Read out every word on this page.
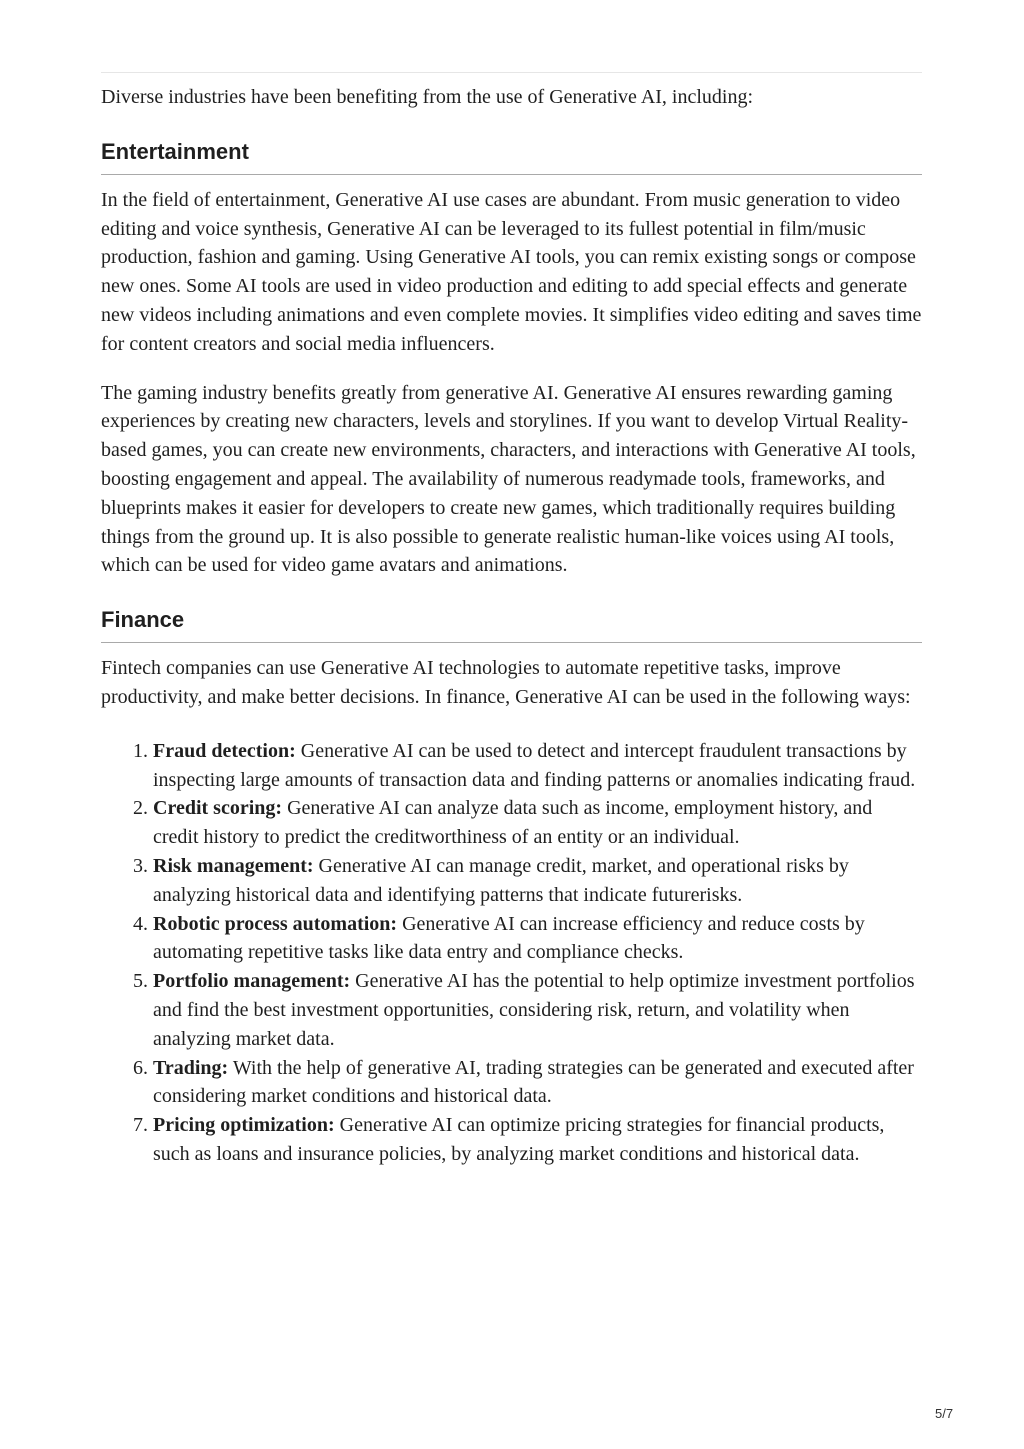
Diverse industries have been benefiting from the use of Generative AI, including:

Entertainment

In the field of entertainment, Generative AI use cases are abundant. From music generation to video editing and voice synthesis, Generative AI can be leveraged to its fullest potential in film/music production, fashion and gaming. Using Generative AI tools, you can remix existing songs or compose new ones. Some AI tools are used in video production and editing to add special effects and generate new videos including animations and even complete movies. It simplifies video editing and saves time for content creators and social media influencers.

The gaming industry benefits greatly from generative AI. Generative AI ensures rewarding gaming experiences by creating new characters, levels and storylines. If you want to develop Virtual Reality-based games, you can create new environments, characters, and interactions with Generative AI tools, boosting engagement and appeal. The availability of numerous readymade tools, frameworks, and blueprints makes it easier for developers to create new games, which traditionally requires building things from the ground up. It is also possible to generate realistic human-like voices using AI tools, which can be used for video game avatars and animations.

Finance

Fintech companies can use Generative AI technologies to automate repetitive tasks, improve productivity, and make better decisions. In finance, Generative AI can be used in the following ways:

1. Fraud detection: Generative AI can be used to detect and intercept fraudulent transactions by inspecting large amounts of transaction data and finding patterns or anomalies indicating fraud.
2. Credit scoring: Generative AI can analyze data such as income, employment history, and credit history to predict the creditworthiness of an entity or an individual.
3. Risk management: Generative AI can manage credit, market, and operational risks by analyzing historical data and identifying patterns that indicate futurerisks.
4. Robotic process automation: Generative AI can increase efficiency and reduce costs by automating repetitive tasks like data entry and compliance checks.
5. Portfolio management: Generative AI has the potential to help optimize investment portfolios and find the best investment opportunities, considering risk, return, and volatility when analyzing market data.
6. Trading: With the help of generative AI, trading strategies can be generated and executed after considering market conditions and historical data.
7. Pricing optimization: Generative AI can optimize pricing strategies for financial products, such as loans and insurance policies, by analyzing market conditions and historical data.
5/7
